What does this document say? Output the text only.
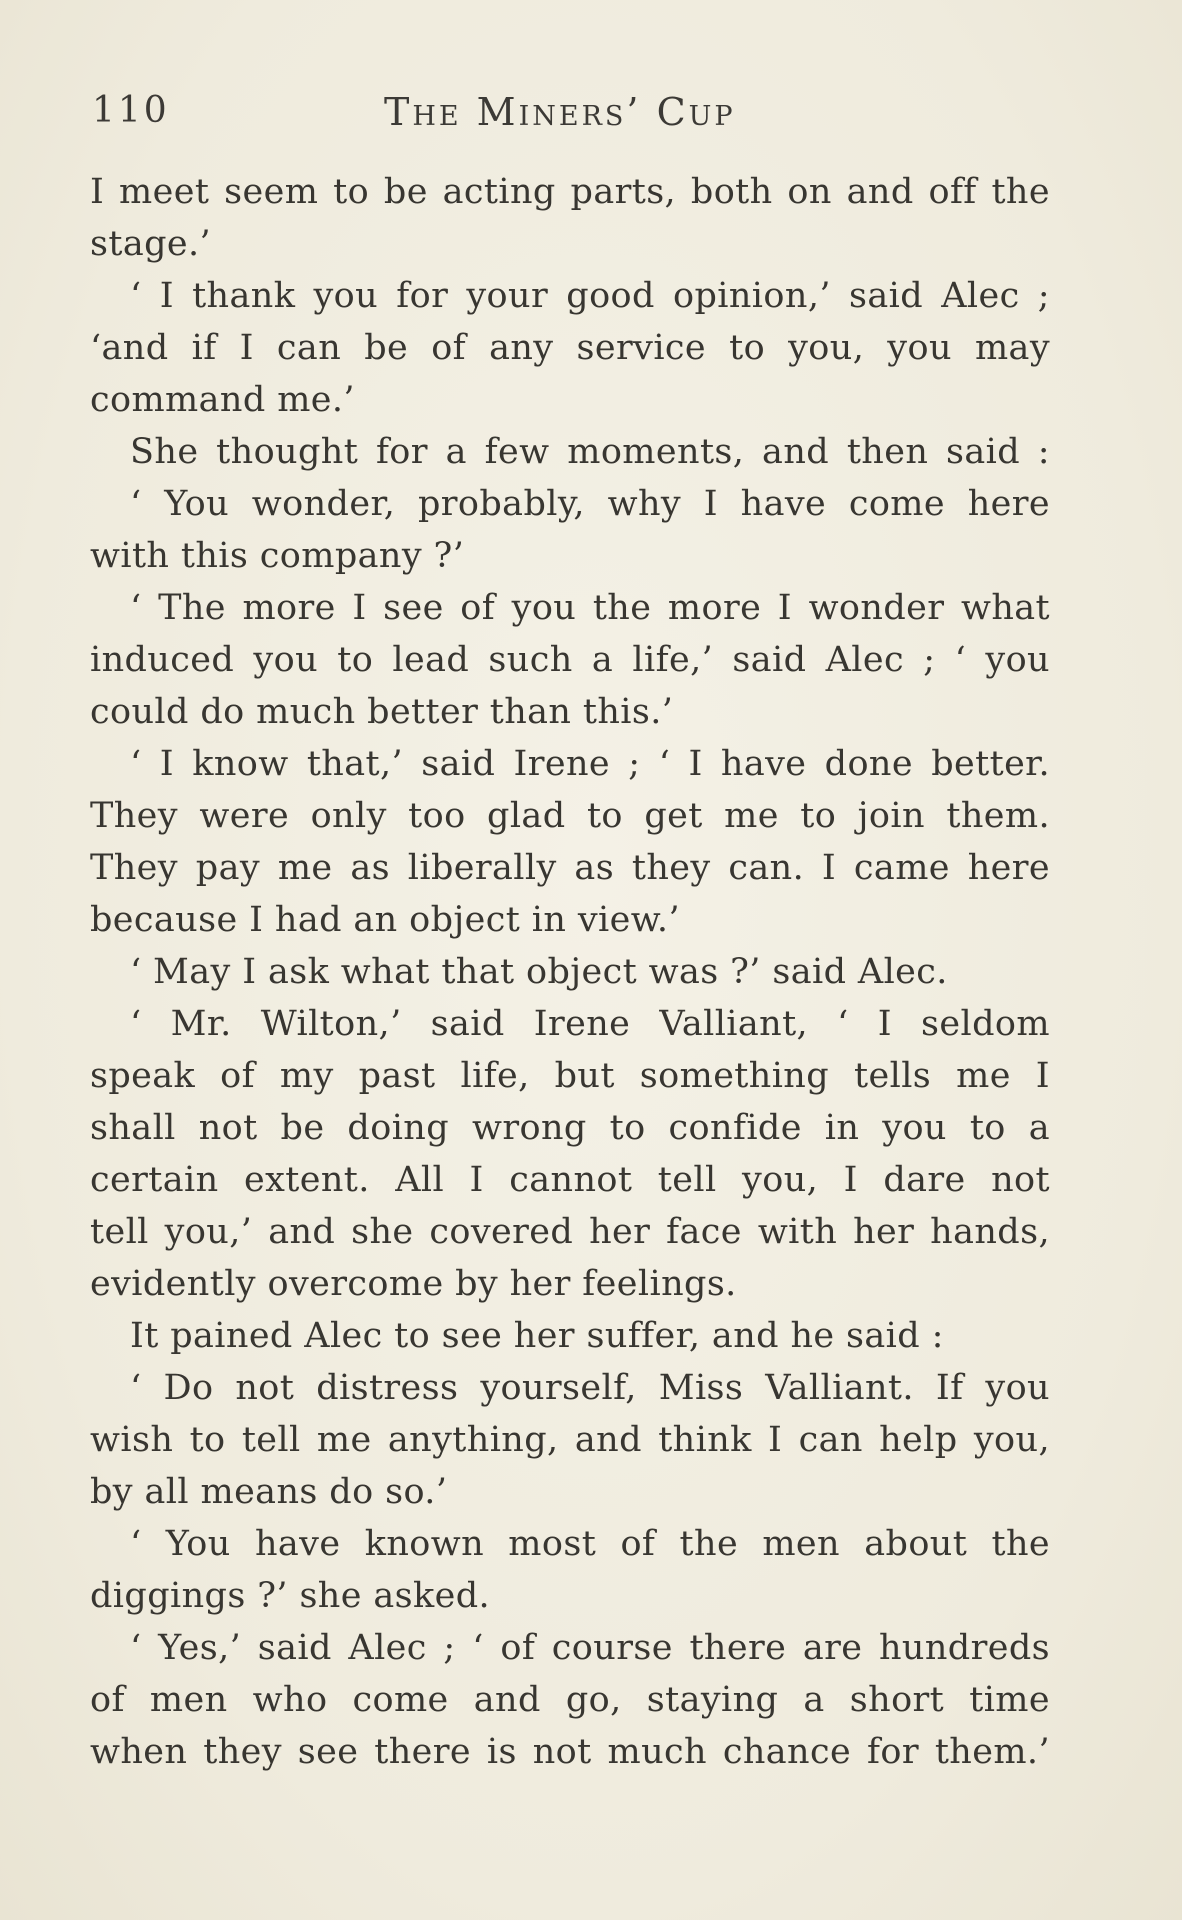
110	The Miners’ Cup
I meet seem to be acting parts, both on and off the
stage.’
‘ I thank you for your good opinion,’ said Alec ;
‘and if I can be of any service to you, you may
command me.’
She thought for a few moments, and then said :
‘ You wonder, probably, why I have come here
with this company ?’
‘ The more I see of you the more I wonder what
induced you to lead such a life,’ said Alec ; ‘ you
could do much better than this.’
‘ I know that,’ said Irene ; ‘ I have done better.
They were only too glad to get me to join them.
They pay me as liberally as they can. I came here
because I had an object in view.’
‘ May I ask what that object was ?’ said Alec.
‘ Mr. Wilton,’ said Irene Valliant, ‘ I seldom
speak of my past life, but something tells me I
shall not be doing wrong to confide in you to a
certain extent. All I cannot tell you, I dare not
tell you,’ and she covered her face with her hands,
evidently overcome by her feelings.
It pained Alec to see her suffer, and he said :
‘ Do not distress yourself, Miss Valliant. If you
wish to tell me anything, and think I can help you,
by all means do so.’
‘ You have known most of the men about the
diggings ?’ she asked.
‘ Yes,’ said Alec ; ‘ of course there are hundreds
of men who come and go, staying a short time
when they see there is not much chance for them.’
